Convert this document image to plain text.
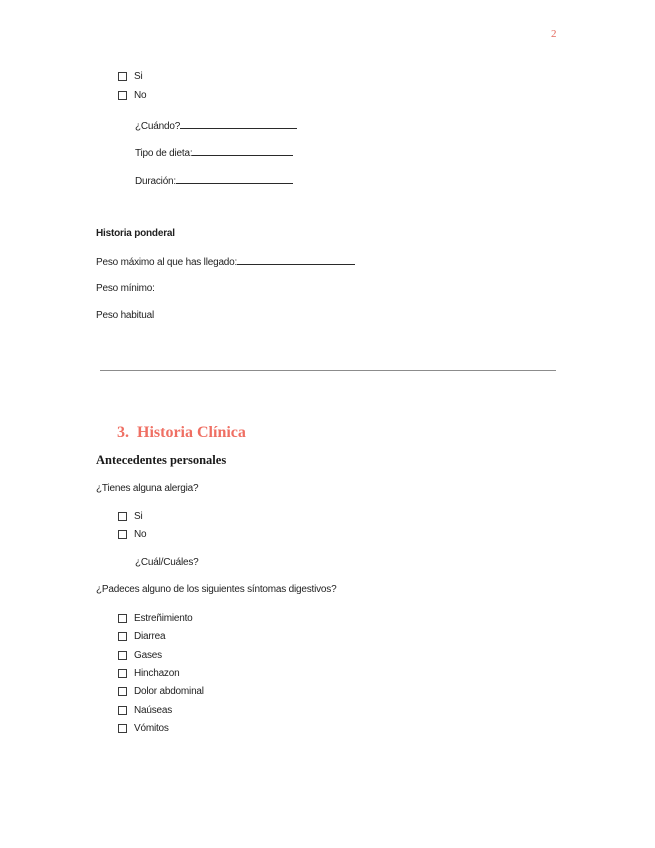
2
Si
No
¿Cuándo?
Tipo de dieta:
Duración:
Historia ponderal
Peso máximo al que has llegado:
Peso mínimo:
Peso habitual
3. Historia Clínica
Antecedentes personales
¿Tienes alguna alergia?
Si
No
¿Cuál/Cuáles?
¿Padeces alguno de los siguientes síntomas digestivos?
Estreñimiento
Diarrea
Gases
Hinchazon
Dolor abdominal
Naúseas
Vómitos
